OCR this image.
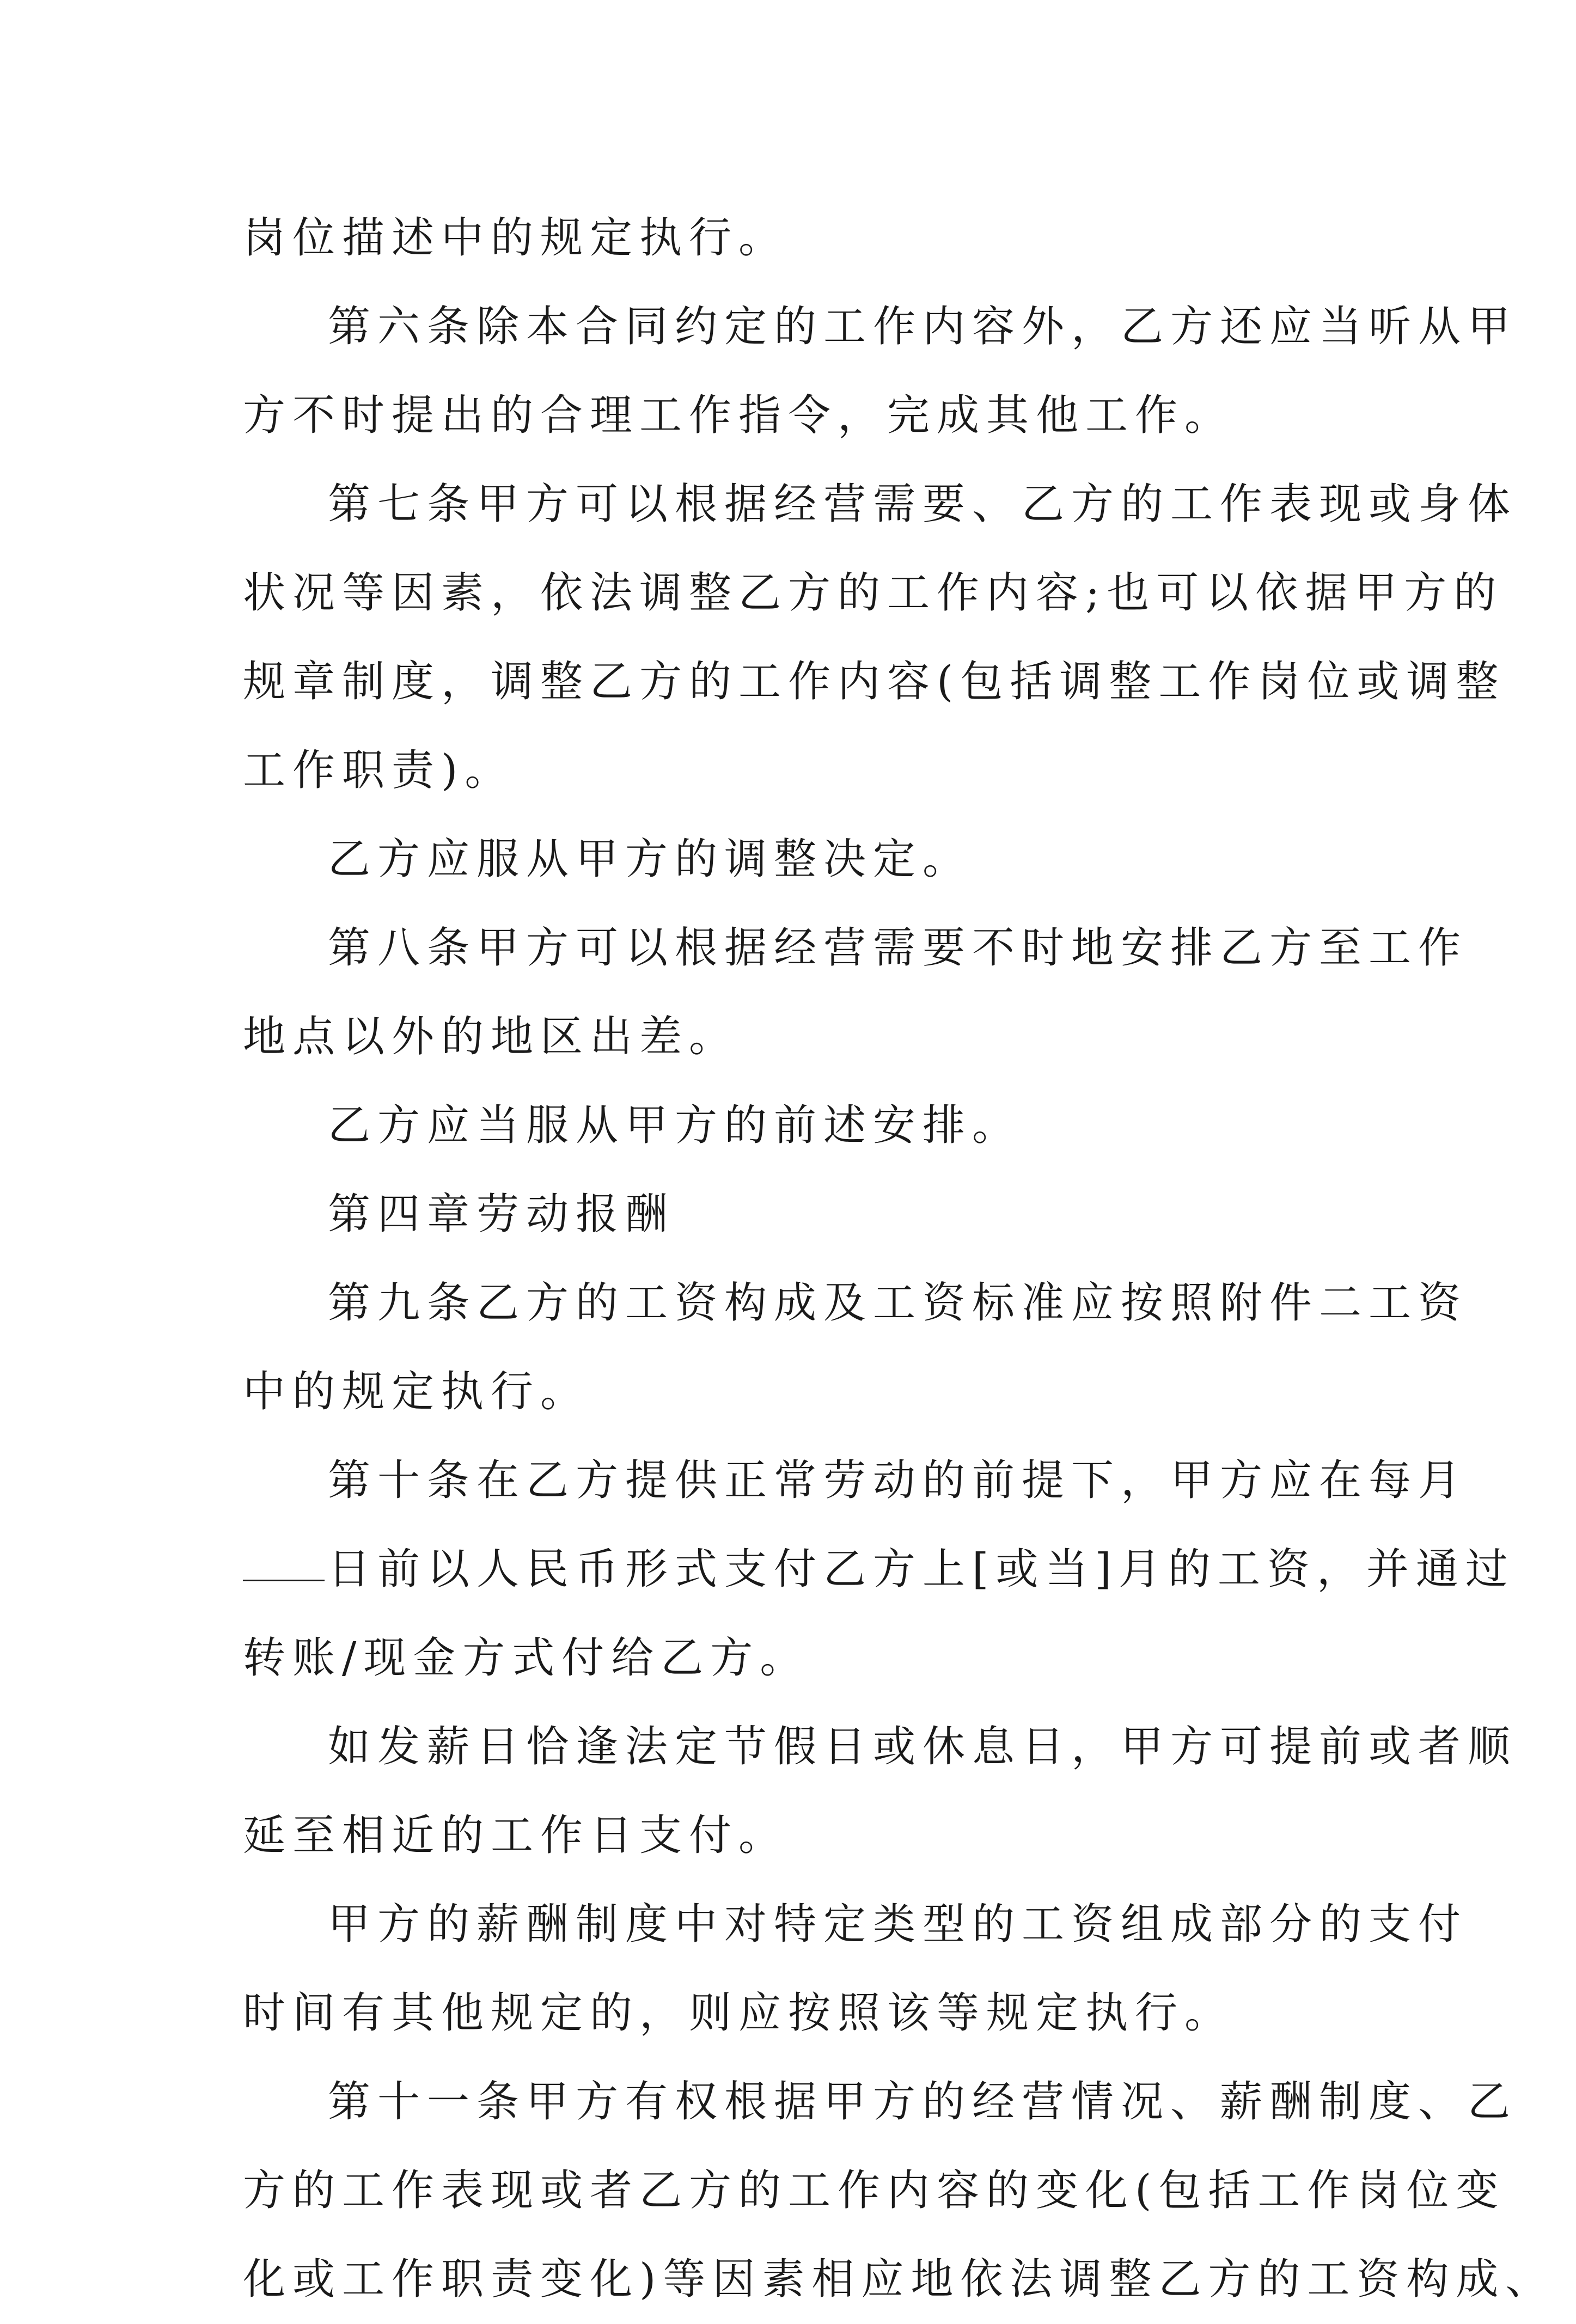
岗位描述中的规定执行。
第六条除本合同约定的工作内容外，乙方还应当听从甲
方不时提出的合理工作指令，完成其他工作。
第七条甲方可以根据经营需要、乙方的工作表现或身体
状况等因素，依法调整乙方的工作内容;也可以依据甲方的
规章制度，调整乙方的工作内容(包括调整工作岗位或调整
工作职责)。
乙方应服从甲方的调整决定。
第八条甲方可以根据经营需要不时地安排乙方至工作
地点以外的地区出差。
乙方应当服从甲方的前述安排。
第四章劳动报酬
第九条乙方的工资构成及工资标准应按照附件二工资
中的规定执行。
第十条在乙方提供正常劳动的前提下，甲方应在每月
日前以人民币形式支付乙方上[或当]月的工资，并通过
转账/现金方式付给乙方。
如发薪日恰逢法定节假日或休息日，甲方可提前或者顺
延至相近的工作日支付。
甲方的薪酬制度中对特定类型的工资组成部分的支付
时间有其他规定的，则应按照该等规定执行。
第十一条甲方有权根据甲方的经营情况、薪酬制度、乙
方的工作表现或者乙方的工作内容的变化(包括工作岗位变
化或工作职责变化)等因素相应地依法调整乙方的工资构成、
